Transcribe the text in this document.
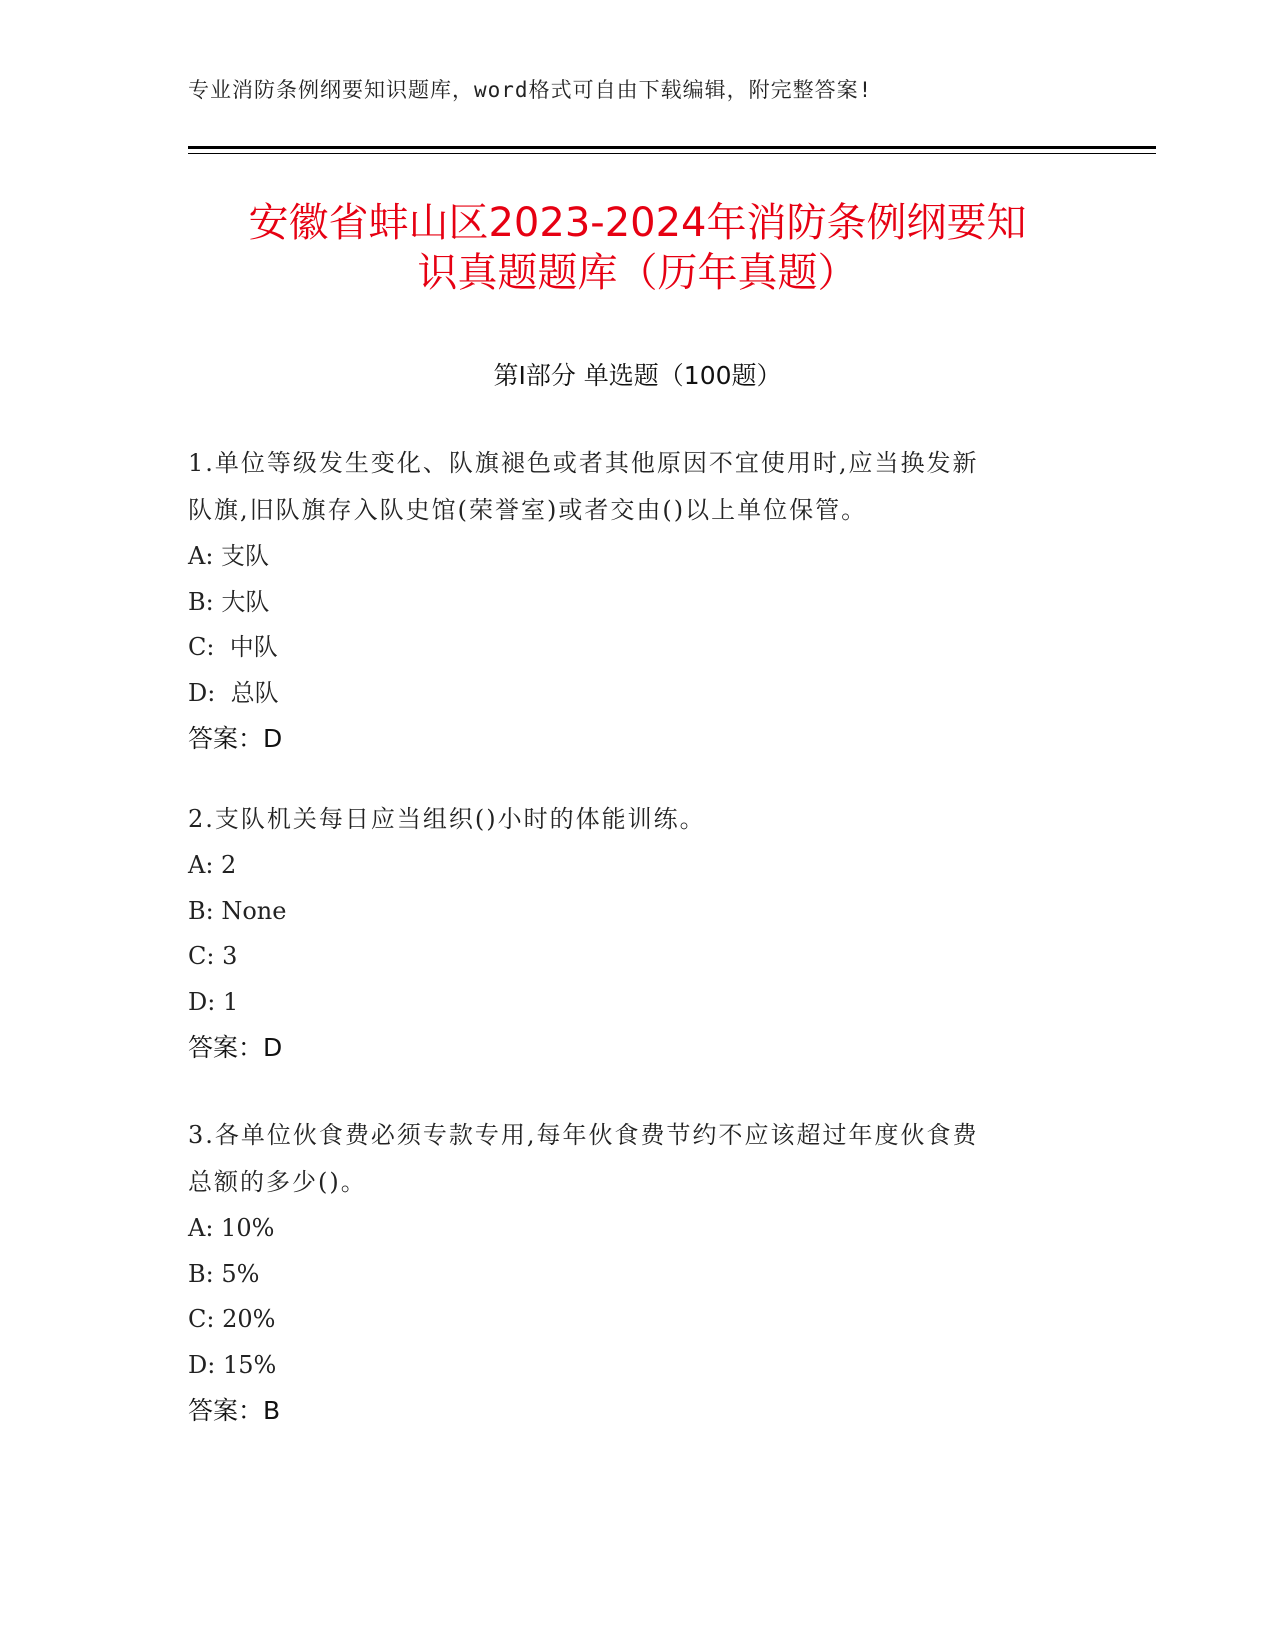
专业消防条例纲要知识题库，word格式可自由下载编辑，附完整答案!
安徽省蚌山区2023-2024年消防条例纲要知
识真题题库（历年真题）
第Ⅰ部分 单选题（100题）
1.单位等级发生变化、队旗褪色或者其他原因不宜使用时,应当换发新
队旗,旧队旗存入队史馆(荣誉室)或者交由()以上单位保管。
A: 支队
B: 大队
C:  中队
D:  总队
答案：D
2.支队机关每日应当组织()小时的体能训练。
A: 2
B: None
C: 3
D: 1
答案：D
3.各单位伙食费必须专款专用,每年伙食费节约不应该超过年度伙食费
总额的多少()。
A: 10%
B: 5%
C: 20%
D: 15%
答案：B
